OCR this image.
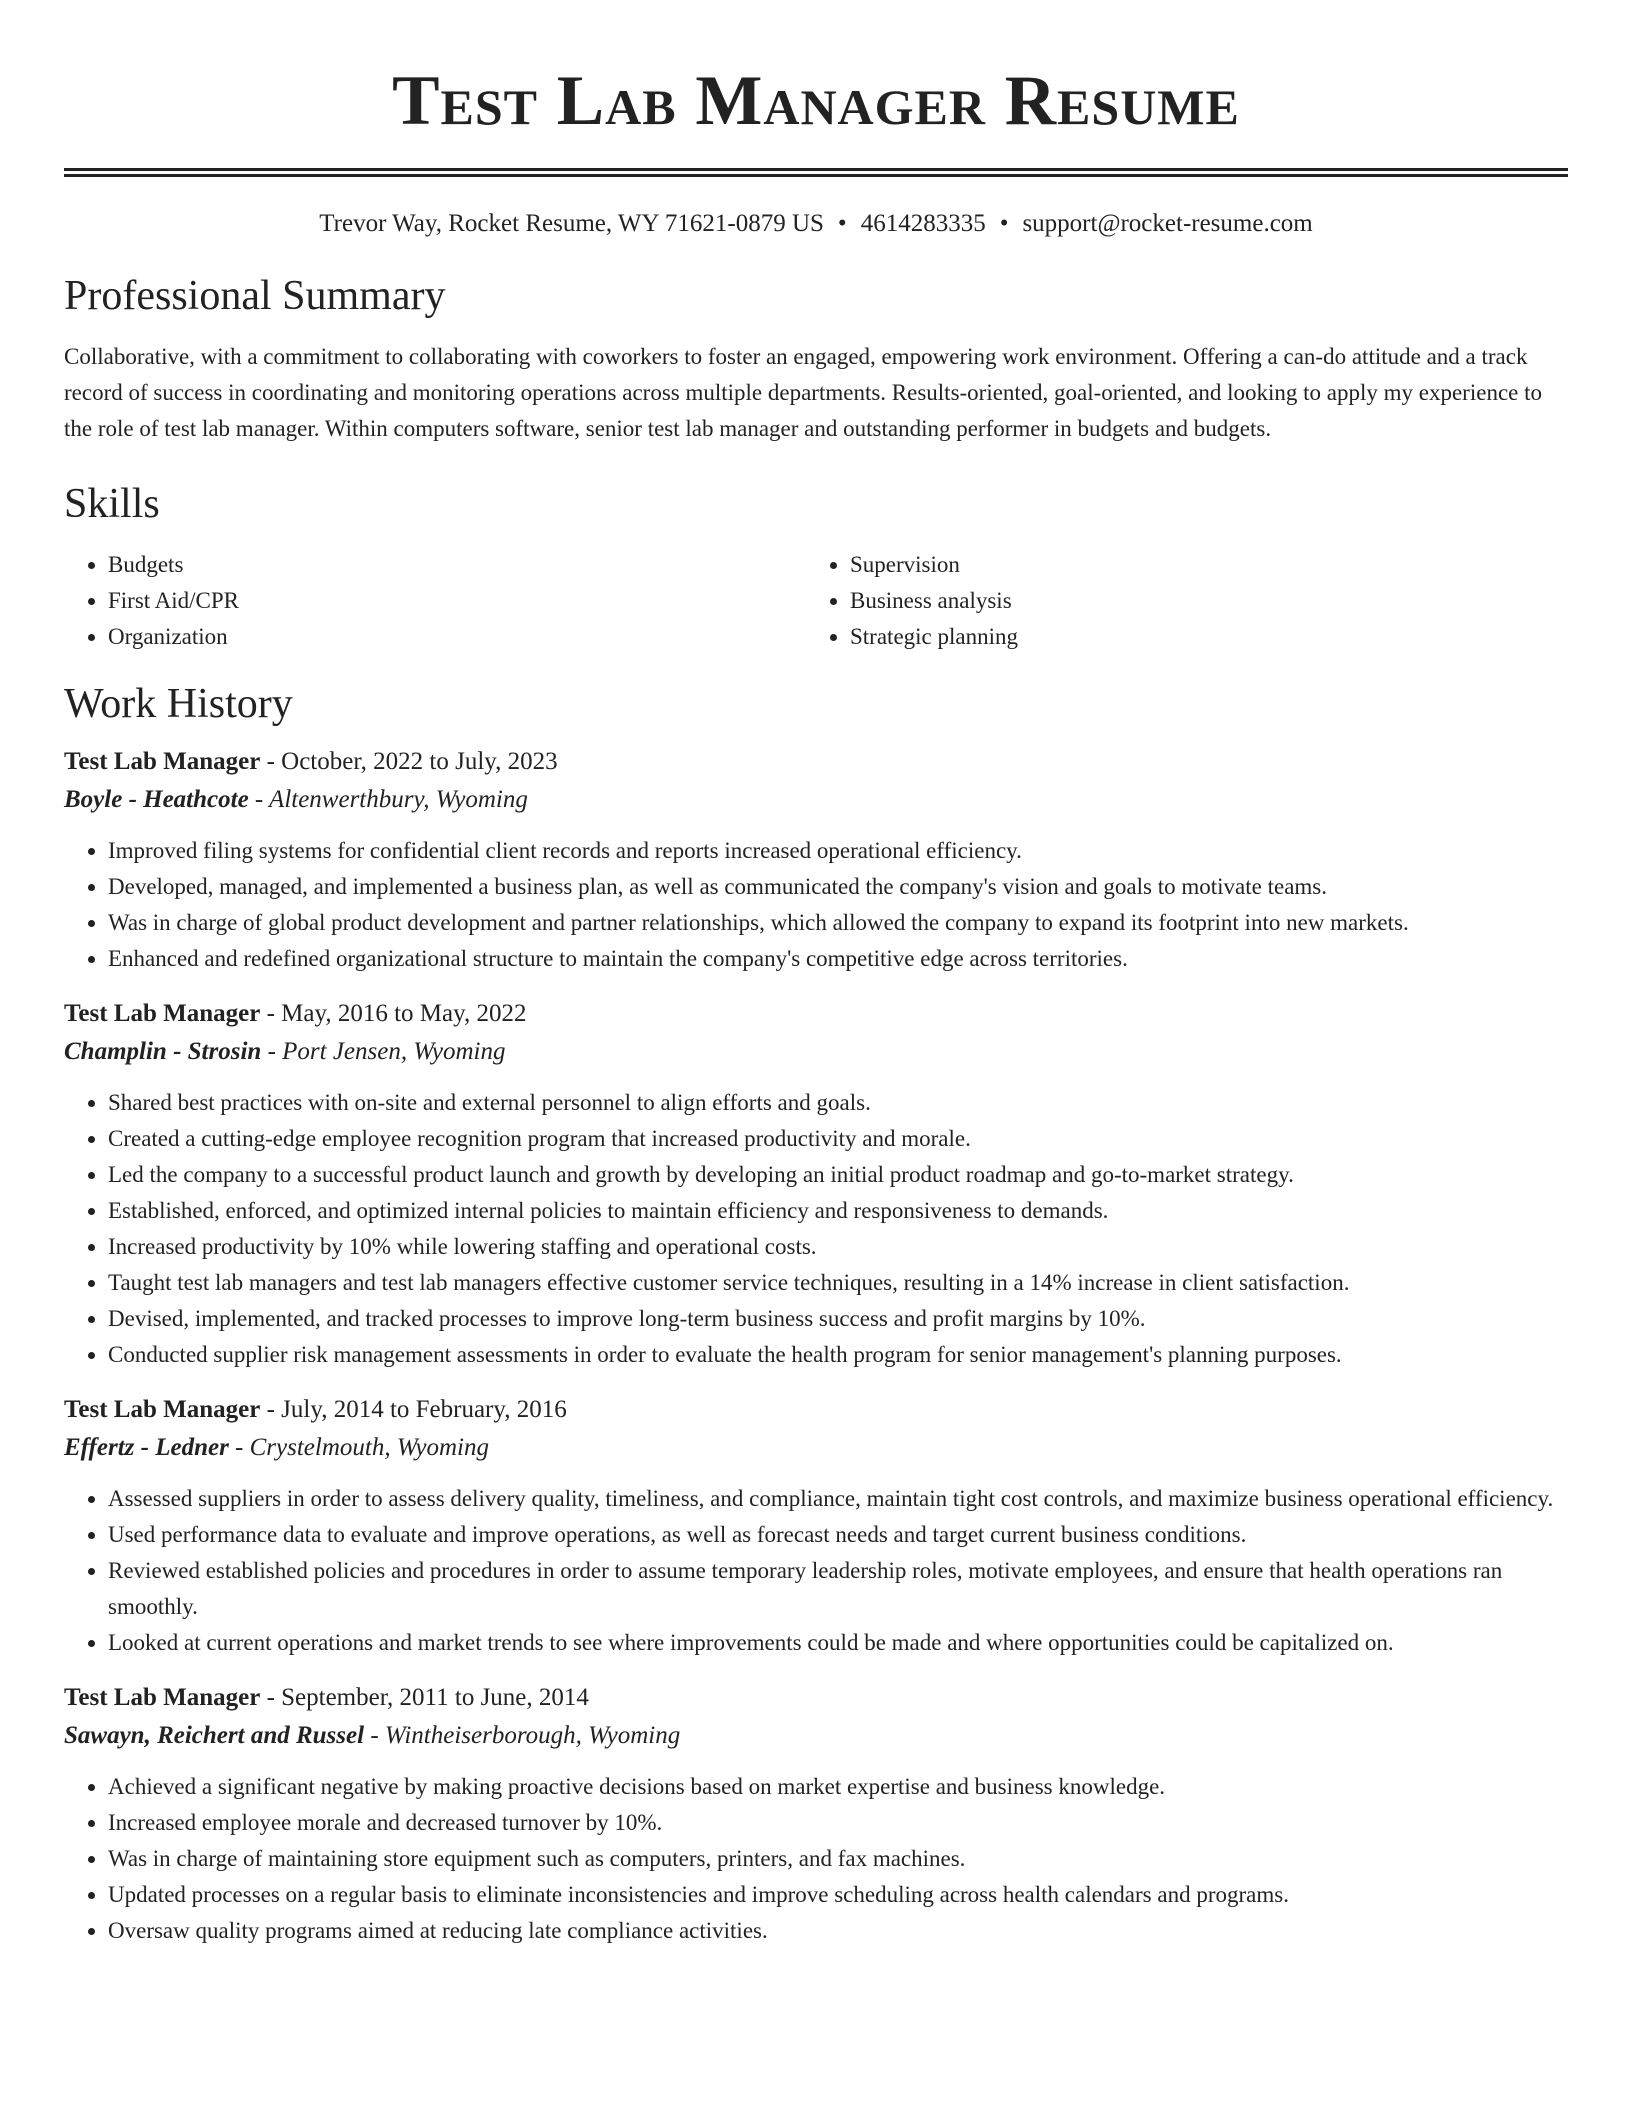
Test Lab Manager Resume
Trevor Way, Rocket Resume, WY 71621-0879 US • 4614283335 • support@rocket-resume.com
Professional Summary

Collaborative, with a commitment to collaborating with coworkers to foster an engaged, empowering work environment. Offering a can-do attitude and a track record of success in coordinating and monitoring operations across multiple departments. Results-oriented, goal-oriented, and looking to apply my experience to the role of test lab manager. Within computers software, senior test lab manager and outstanding performer in budgets and budgets.

Skills
• Budgets
• First Aid/CPR
• Organization
• Supervision
• Business analysis
• Strategic planning
Work History
Test Lab Manager - October, 2022 to July, 2023
Boyle - Heathcote - Altenwerthbury, Wyoming
• Improved filing systems for confidential client records and reports increased operational efficiency.
• Developed, managed, and implemented a business plan, as well as communicated the company's vision and goals to motivate teams.
• Was in charge of global product development and partner relationships, which allowed the company to expand its footprint into new markets.
• Enhanced and redefined organizational structure to maintain the company's competitive edge across territories.
Test Lab Manager - May, 2016 to May, 2022
Champlin - Strosin - Port Jensen, Wyoming
• Shared best practices with on-site and external personnel to align efforts and goals.
• Created a cutting-edge employee recognition program that increased productivity and morale.
• Led the company to a successful product launch and growth by developing an initial product roadmap and go-to-market strategy.
• Established, enforced, and optimized internal policies to maintain efficiency and responsiveness to demands.
• Increased productivity by 10% while lowering staffing and operational costs.
• Taught test lab managers and test lab managers effective customer service techniques, resulting in a 14% increase in client satisfaction.
• Devised, implemented, and tracked processes to improve long-term business success and profit margins by 10%.
• Conducted supplier risk management assessments in order to evaluate the health program for senior management's planning purposes.
Test Lab Manager - July, 2014 to February, 2016
Effertz - Ledner - Crystelmouth, Wyoming
• Assessed suppliers in order to assess delivery quality, timeliness, and compliance, maintain tight cost controls, and maximize business operational efficiency.
• Used performance data to evaluate and improve operations, as well as forecast needs and target current business conditions.
• Reviewed established policies and procedures in order to assume temporary leadership roles, motivate employees, and ensure that health operations ran smoothly.
• Looked at current operations and market trends to see where improvements could be made and where opportunities could be capitalized on.
Test Lab Manager - September, 2011 to June, 2014
Sawayn, Reichert and Russel - Wintheiserborough, Wyoming
• Achieved a significant negative by making proactive decisions based on market expertise and business knowledge.
• Increased employee morale and decreased turnover by 10%.
• Was in charge of maintaining store equipment such as computers, printers, and fax machines.
• Updated processes on a regular basis to eliminate inconsistencies and improve scheduling across health calendars and programs.
• Oversaw quality programs aimed at reducing late compliance activities.
